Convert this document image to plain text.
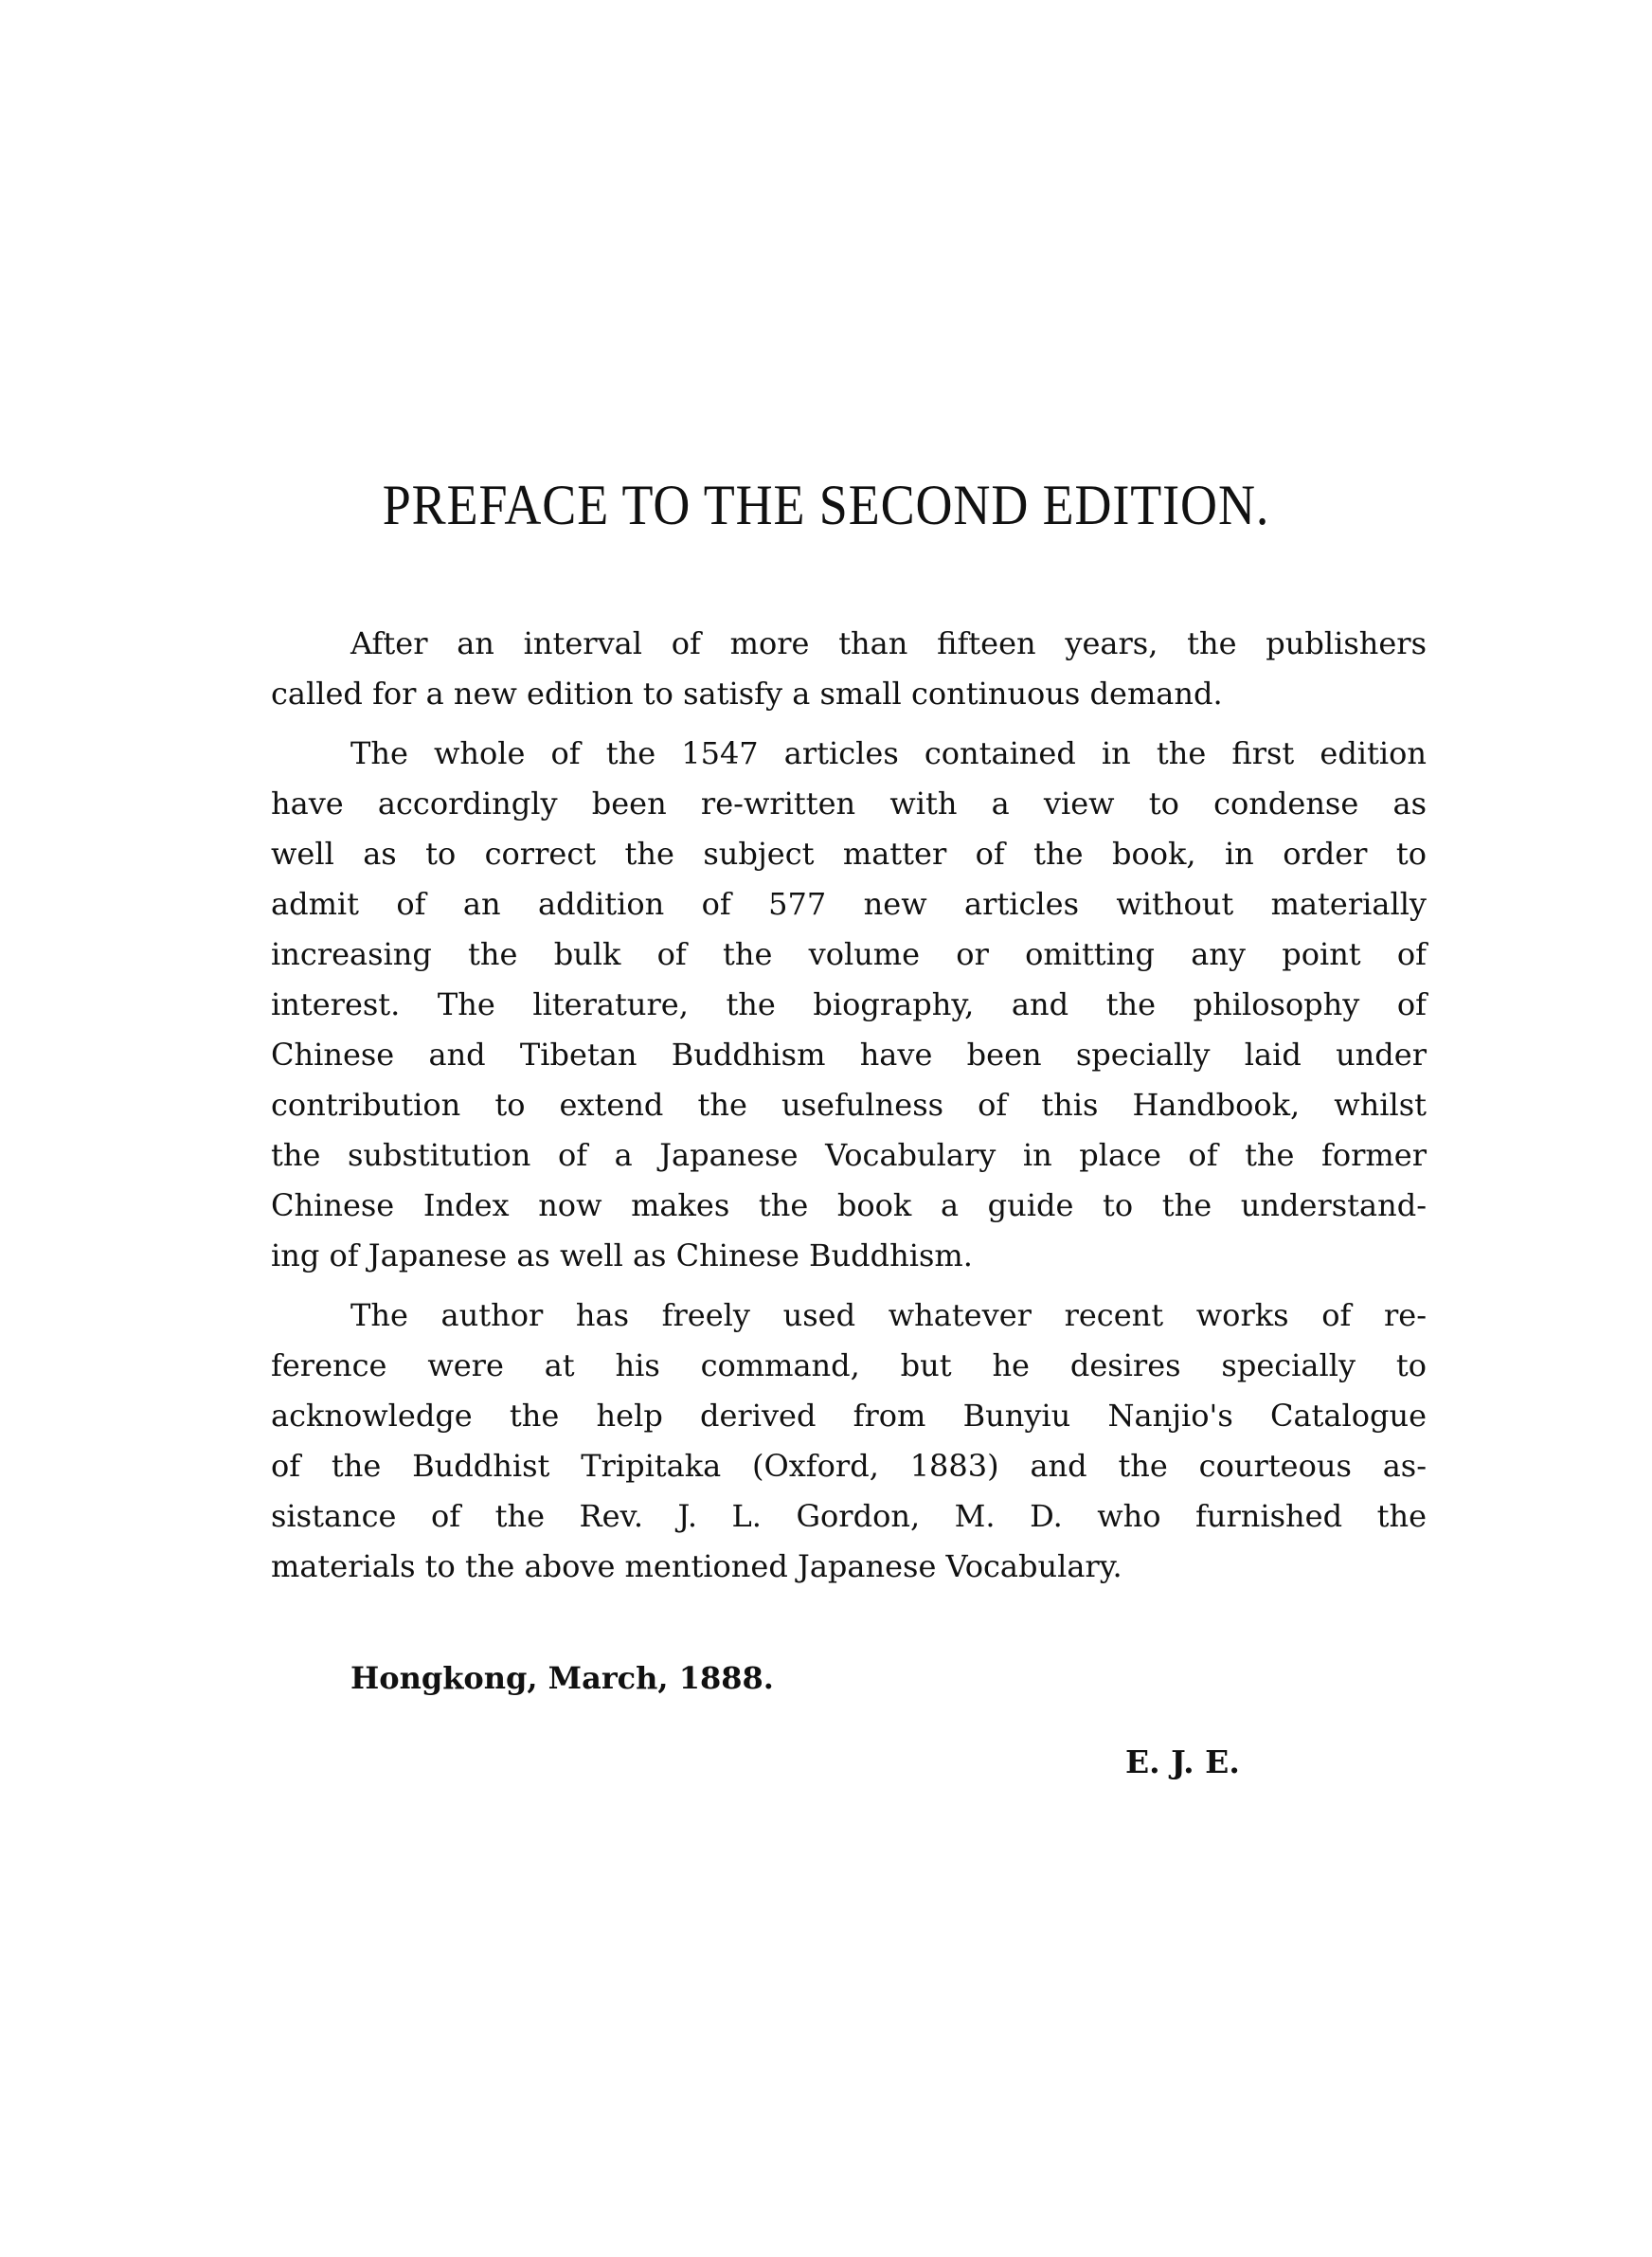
PREFACE TO THE SECOND EDITION.
After an interval of more than fifteen years, the publishers
called for a new edition to satisfy a small continuous demand.
The whole of the 1547 articles contained in the first edition
have accordingly been re-written with a view to condense as
well as to correct the subject matter of the book, in order to
admit of an addition of 577 new articles without materially
increasing the bulk of the volume or omitting any point of
interest. The literature, the biography, and the philosophy of
Chinese and Tibetan Buddhism have been specially laid under
contribution to extend the usefulness of this Handbook, whilst
the substitution of a Japanese Vocabulary in place of the former
Chinese Index now makes the book a guide to the understand-
ing of Japanese as well as Chinese Buddhism.
The author has freely used whatever recent works of re-
ference were at his command, but he desires specially to
acknowledge the help derived from Bunyiu Nanjio's Catalogue
of the Buddhist Tripitaka (Oxford, 1883) and the courteous as-
sistance of the Rev. J. L. Gordon, M. D. who furnished the
materials to the above mentioned Japanese Vocabulary.
Hongkong, March, 1888.
E. J. E.
